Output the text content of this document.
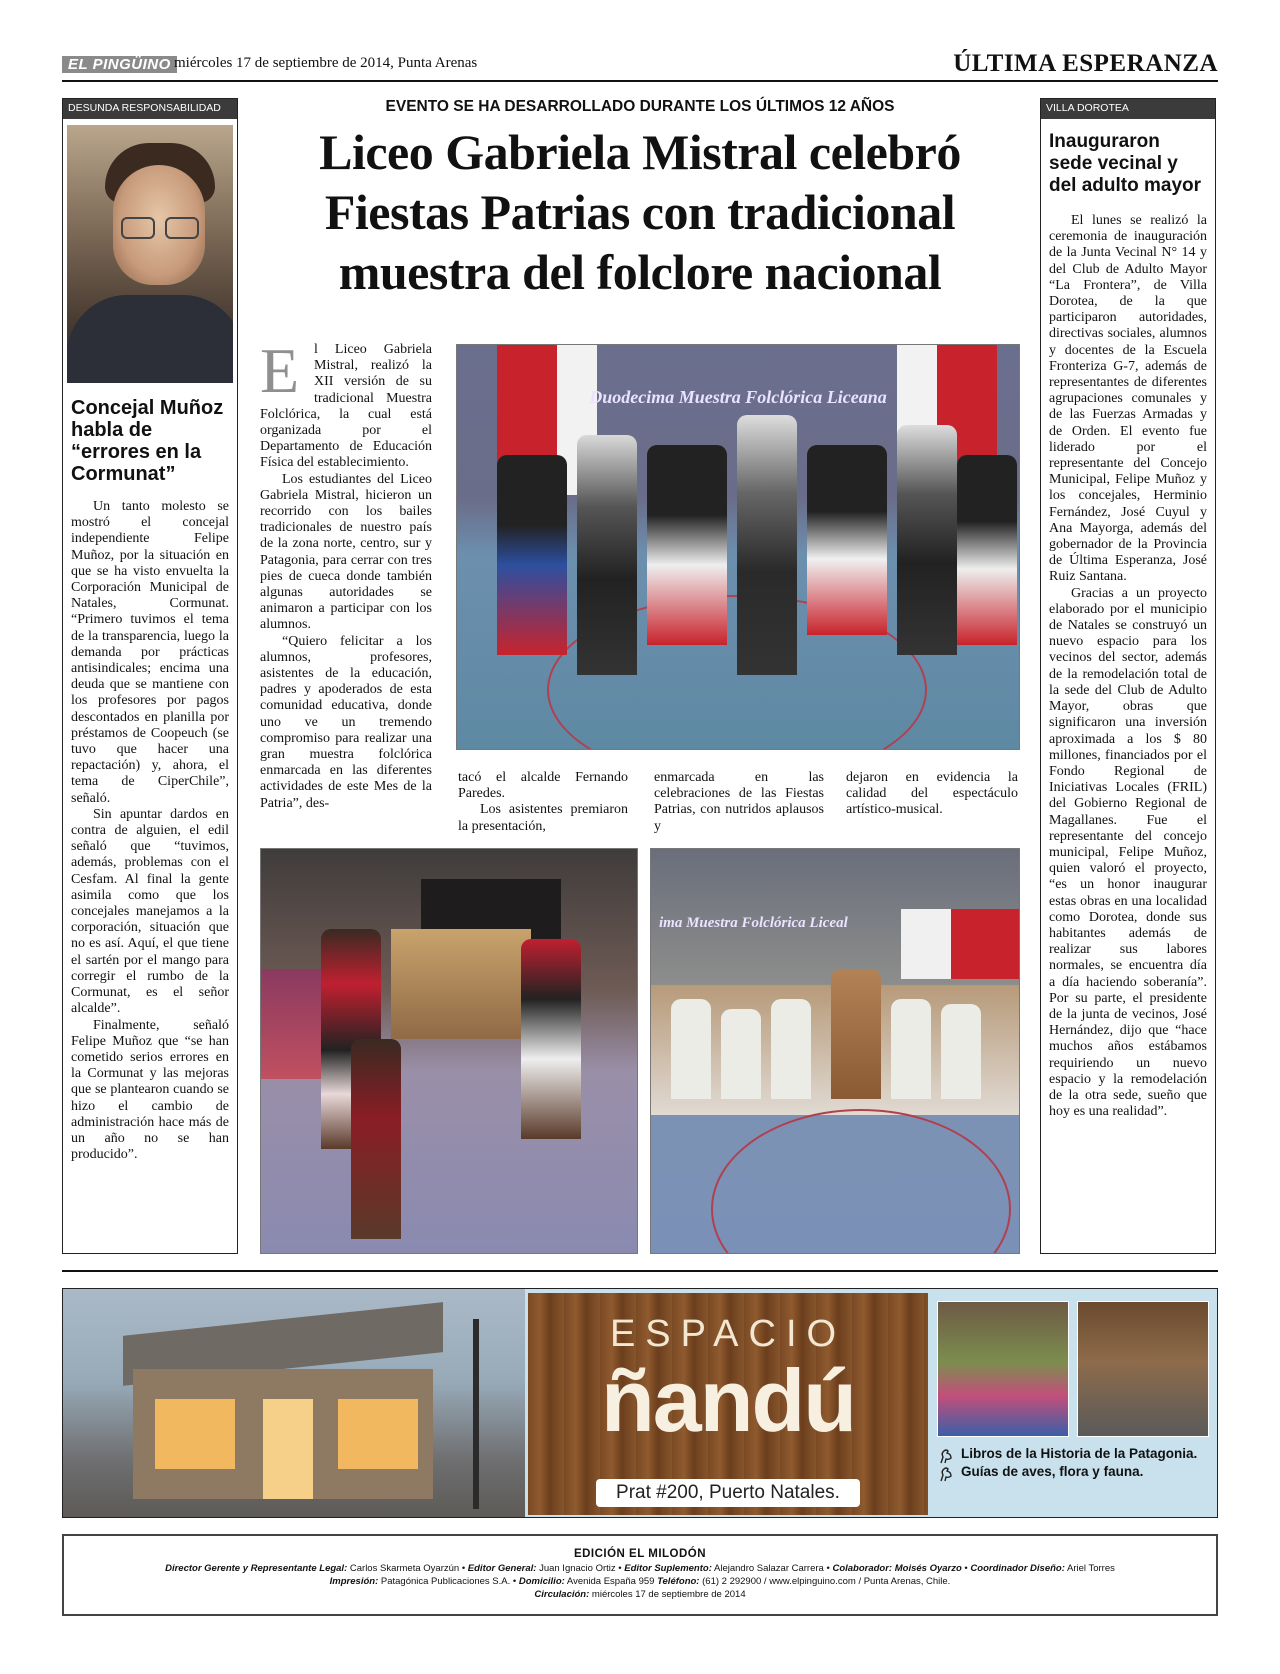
EL PINGÜINO miércoles 17 de septiembre de 2014, Punta Arenas	ÚLTIMA ESPERANZA
DESUNDA RESPONSABILIDAD
Concejal Muñoz habla de “errores en la Cormunat”

Un tanto molesto se mostró el concejal independiente Felipe Muñoz, por la situación en que se ha visto envuelta la Corporación Municipal de Natales, Cormunat. “Primero tuvimos el tema de la transparencia, luego la demanda por prácticas antisindicales; encima una deuda que se mantiene con los profesores por pagos descontados en planilla por préstamos de Coopeuch (se tuvo que hacer una repactación) y, ahora, el tema de CiperChile”, señaló.

Sin apuntar dardos en contra de alguien, el edil señaló que “tuvimos, además, problemas con el Cesfam. Al final la gente asimila como que los concejales manejamos a la corporación, situación que no es así. Aquí, el que tiene el sartén por el mango para corregir el rumbo de la Cormunat, es el señor alcalde”.

Finalmente, señaló Felipe Muñoz que “se han cometido serios errores en la Cormunat y las mejoras que se plantearon cuando se hizo el cambio de administración hace más de un año no se han producido”.

VILLA DOROTEA
Inauguraron sede vecinal y del adulto mayor

El lunes se realizó la ceremonia de inauguración de la Junta Vecinal N° 14 y del Club de Adulto Mayor “La Frontera”, de Villa Dorotea, de la que participaron autoridades, directivas sociales, alumnos y docentes de la Escuela Fronteriza G-7, además de representantes de diferentes agrupaciones comunales y de las Fuerzas Armadas y de Orden. El evento fue liderado por el representante del Concejo Municipal, Felipe Muñoz y los concejales, Herminio Fernández, José Cuyul y Ana Mayorga, además del gobernador de la Provincia de Última Esperanza, José Ruiz Santana.

Gracias a un proyecto elaborado por el municipio de Natales se construyó un nuevo espacio para los vecinos del sector, además de la remodelación total de la sede del Club de Adulto Mayor, obras que significaron una inversión aproximada a los $ 80 millones, financiados por el Fondo Regional de Iniciativas Locales (FRIL) del Gobierno Regional de Magallanes. Fue el representante del concejo municipal, Felipe Muñoz, quien valoró el proyecto, “es un honor inaugurar estas obras en una localidad como Dorotea, donde sus habitantes además de realizar sus labores normales, se encuentra día a día haciendo soberanía”. Por su parte, el presidente de la junta de vecinos, José Hernández, dijo que “hace muchos años estábamos requiriendo un nuevo espacio y la remodelación de la otra sede, sueño que hoy es una realidad”.

EVENTO SE HA DESARROLLADO DURANTE LOS ÚLTIMOS 12 AÑOS
Liceo Gabriela Mistral celebró Fiestas Patrias con tradicional muestra del folclore nacional
E	l Liceo Gabriela Mistral, realizó la XII versión de su tradicional Muestra Folclórica, la cual está organizada por el Departamento de Educación Física del establecimiento.

Los estudiantes del Liceo Gabriela Mistral, hicieron un recorrido con los bailes tradicionales de nuestro país de la zona norte, centro, sur y Patagonia, para cerrar con tres pies de cueca donde también algunas autoridades se animaron a participar con los alumnos.

“Quiero felicitar a los alumnos, profesores, asistentes de la educación, padres y apoderados de esta comunidad educativa, donde uno ve un tremendo compromiso para realizar una gran muestra folclórica enmarcada en las diferentes actividades de este Mes de la Patria”, des-

tacó el alcalde Fernando Paredes.

Los asistentes premiaron la presentación,

enmarcada en las celebraciones de las Fiestas Patrias, con nutridos aplausos y

dejaron en evidencia la calidad del espectáculo artístico-musical.

Duodecima Muestra Folclórica Liceana
ima Muestra Folclórica Liceal
ESPACIO
ñandú
Prat #200, Puerto Natales.
Libros de la Historia de la Patagonia.
Guías de aves, flora y fauna.
EDICIÓN EL MILODÓN
Director Gerente y Representante Legal: Carlos Skarmeta Oyarzún • Editor General: Juan Ignacio Ortiz • Editor Suplemento: Alejandro Salazar Carrera • Colaborador: Moisés Oyarzo • Coordinador Diseño: Ariel Torres
Impresión: Patagónica Publicaciones S.A. • Domicilio: Avenida España 959 Teléfono: (61) 2 292900 / www.elpinguino.com / Punta Arenas, Chile.
Circulación: miércoles 17 de septiembre de 2014
